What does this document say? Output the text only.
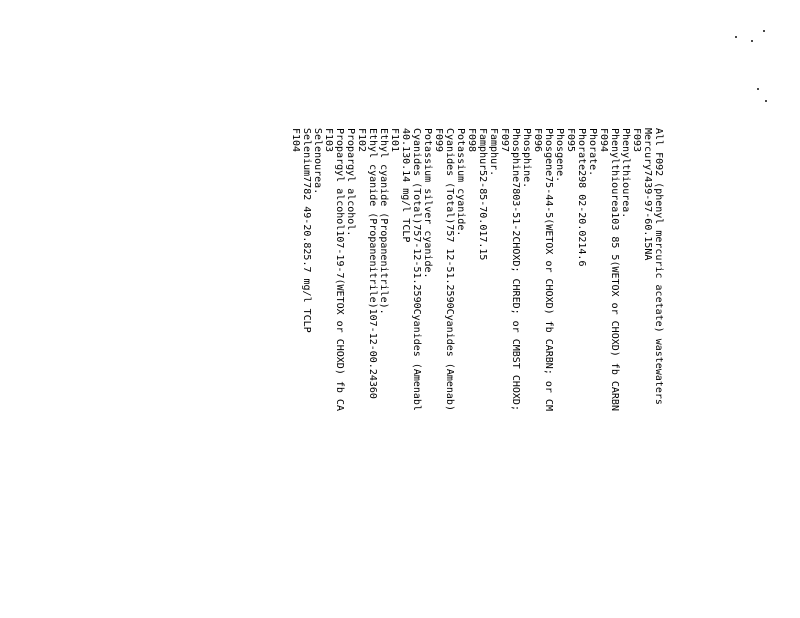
All F092 (phenyl mercuric acetate) wastewaters
Mercury7439-97-60.15NA
F093
Phenylthiourea.
Phenylthiourea103 85 5(WETOX or CHOXD) fb CARBN
F094
Phorate.
Phorate298 02-20.0214.6
F095
Phosgene.
Phosgene75-44-5(WETOX or CHOXD) fb CARBN; or CM
F096
Phosphine.
Phosphine7803-51-2CHOXD; CHRED; or CMBST CHOXD;
F097
Famphur.
Famphur52-85-70.017.15
F098
Potassium cyanide.
Cyanides (Total)757 12-51.2590Cyanides (Amenab)
F099
Potassium silver cyanide.
Cyanides (Total)757-12-51.2590Cyanides (Amenabl
40.130.14 mg/l TCLP
F101
Ethyl cyanide (Propanenitrile).
Ethyl cyanide (Propanenitrile)107-12-00.24360
F102
Propargyl alcohol.
Propargyl alcohol107-19-7(WETOX or CHOXD) fb CA
F103
Selenourea.
Selenium7782 49-20.825.7 mg/l TCLP
F104
